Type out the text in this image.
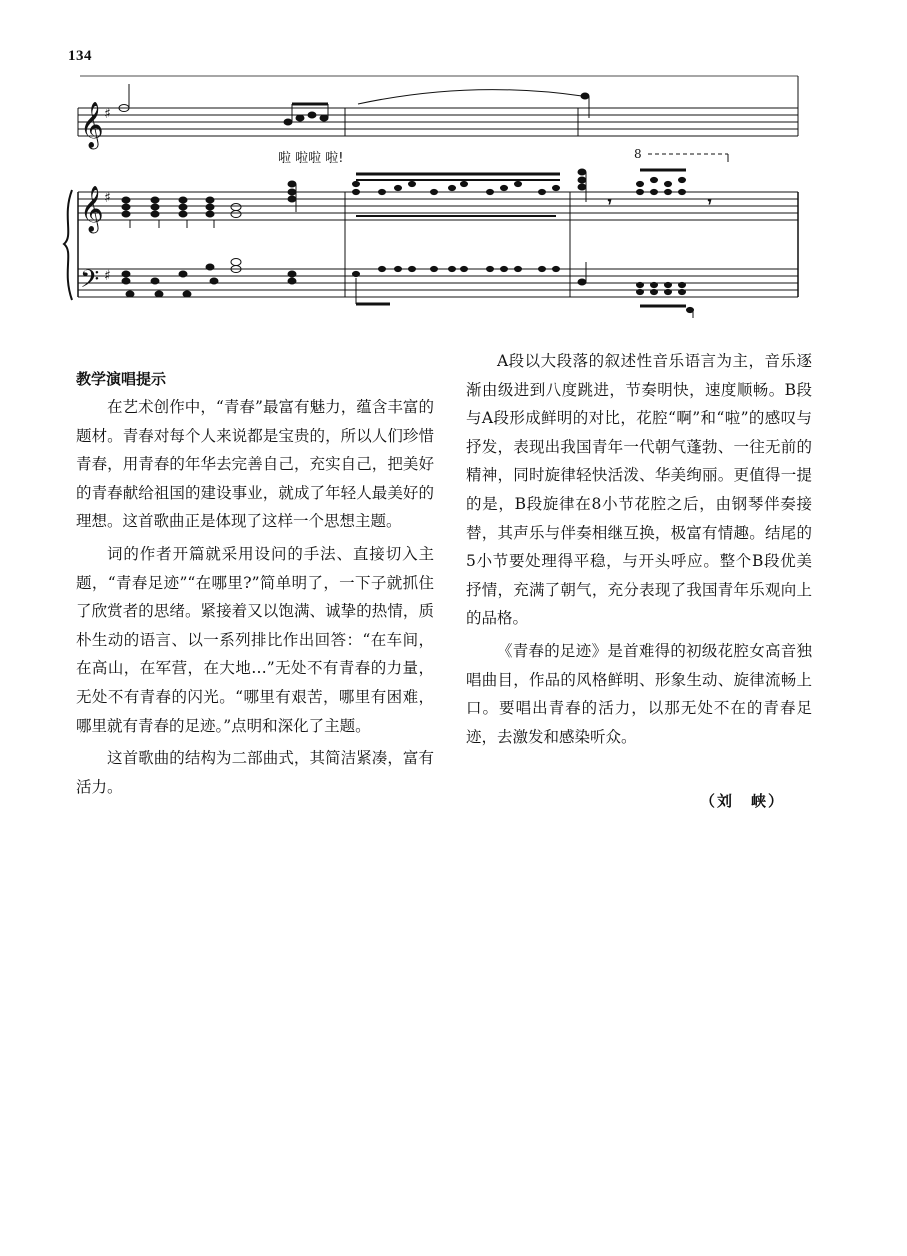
134
𝄞
𝄞
𝄢
♯
♯
♯
啦 啦啦 啦!	8
𝄾	𝄾

教学演唱提示

在艺术创作中，“青春”最富有魅力，蕴含丰富的题材。青春对每个人来说都是宝贵的，所以人们珍惜青春，用青春的年华去完善自己，充实自己，把美好的青春献给祖国的建设事业，就成了年轻人最美好的理想。这首歌曲正是体现了这样一个思想主题。

词的作者开篇就采用设问的手法、直接切入主题，“青春足迹”“在哪里?”简单明了，一下子就抓住了欣赏者的思绪。紧接着又以饱满、诚挚的热情，质朴生动的语言、以一系列排比作出回答：“在车间，在高山，在军营，在大地…”无处不有青春的力量，无处不有青春的闪光。“哪里有艰苦，哪里有困难，哪里就有青春的足迹。”点明和深化了主题。

这首歌曲的结构为二部曲式，其简洁紧凑，富有活力。

A段以大段落的叙述性音乐语言为主，音乐逐渐由级进到八度跳进，节奏明快，速度顺畅。B段与A段形成鲜明的对比，花腔“啊”和“啦”的感叹与抒发，表现出我国青年一代朝气蓬勃、一往无前的精神，同时旋律轻快活泼、华美绚丽。更值得一提的是，B段旋律在8小节花腔之后，由钢琴伴奏接替，其声乐与伴奏相继互换，极富有情趣。结尾的5小节要处理得平稳，与开头呼应。整个B段优美抒情，充满了朝气，充分表现了我国青年乐观向上的品格。

《青春的足迹》是首难得的初级花腔女高音独唱曲目，作品的风格鲜明、形象生动、旋律流畅上口。要唱出青春的活力，以那无处不在的青春足迹，去激发和感染听众。

（刘　峡）
